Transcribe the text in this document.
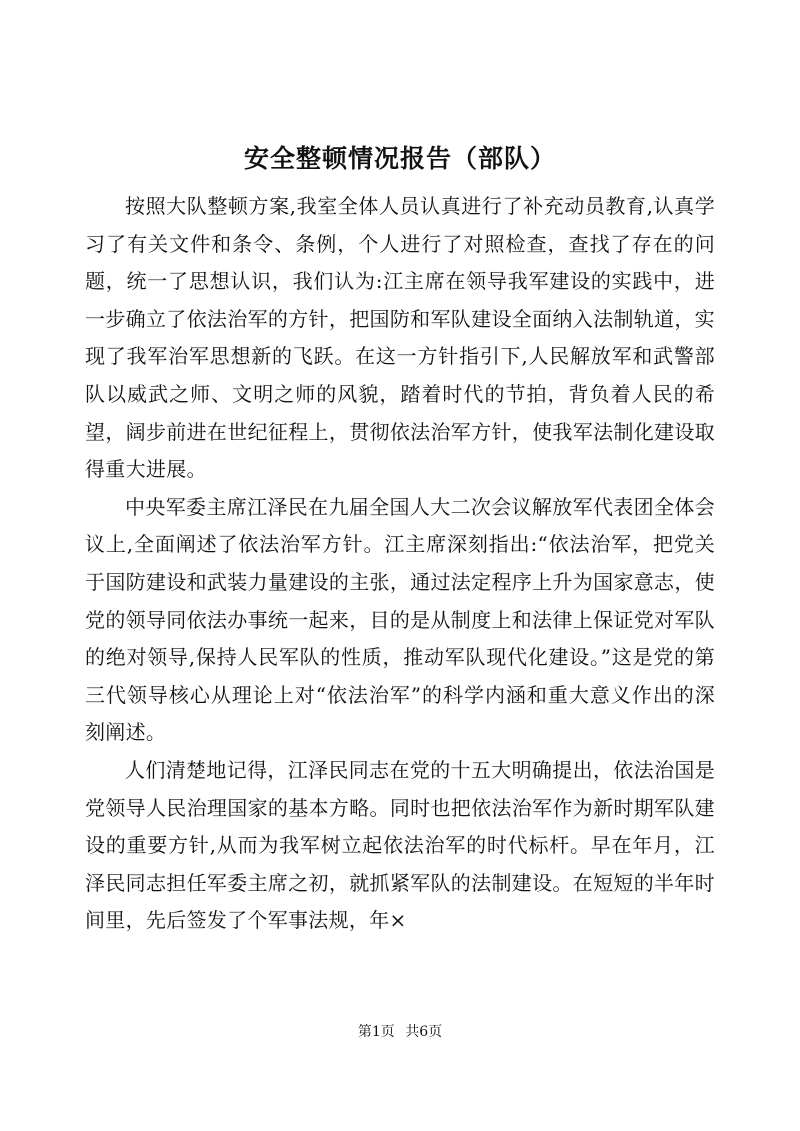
安全整顿情况报告（部队）

按照大队整顿方案,我室全体人员认真进行了补充动员教育,认真学习了有关文件和条令、条例，个人进行了对照检查，查找了存在的问题，统一了思想认识，我们认为:江主席在领导我军建设的实践中，进一步确立了依法治军的方针，把国防和军队建设全面纳入法制轨道，实现了我军治军思想新的飞跃。在这一方针指引下,人民解放军和武警部队以威武之师、文明之师的风貌，踏着时代的节拍，背负着人民的希望，阔步前进在世纪征程上，贯彻依法治军方针，使我军法制化建设取得重大进展。

中央军委主席江泽民在九届全国人大二次会议解放军代表团全体会议上,全面阐述了依法治军方针。江主席深刻指出:“依法治军，把党关于国防建设和武装力量建设的主张，通过法定程序上升为国家意志，使党的领导同依法办事统一起来，目的是从制度上和法律上保证党对军队的绝对领导,保持人民军队的性质，推动军队现代化建设。”这是党的第三代领导核心从理论上对“依法治军”的科学内涵和重大意义作出的深刻阐述。

人们清楚地记得，江泽民同志在党的十五大明确提出，依法治国是党领导人民治理国家的基本方略。同时也把依法治军作为新时期军队建设的重要方针,从而为我军树立起依法治军的时代标杆。早在年月，江泽民同志担任军委主席之初，就抓紧军队的法制建设。在短短的半年时间里，先后签发了个军事法规，年×

第1页 共6页
